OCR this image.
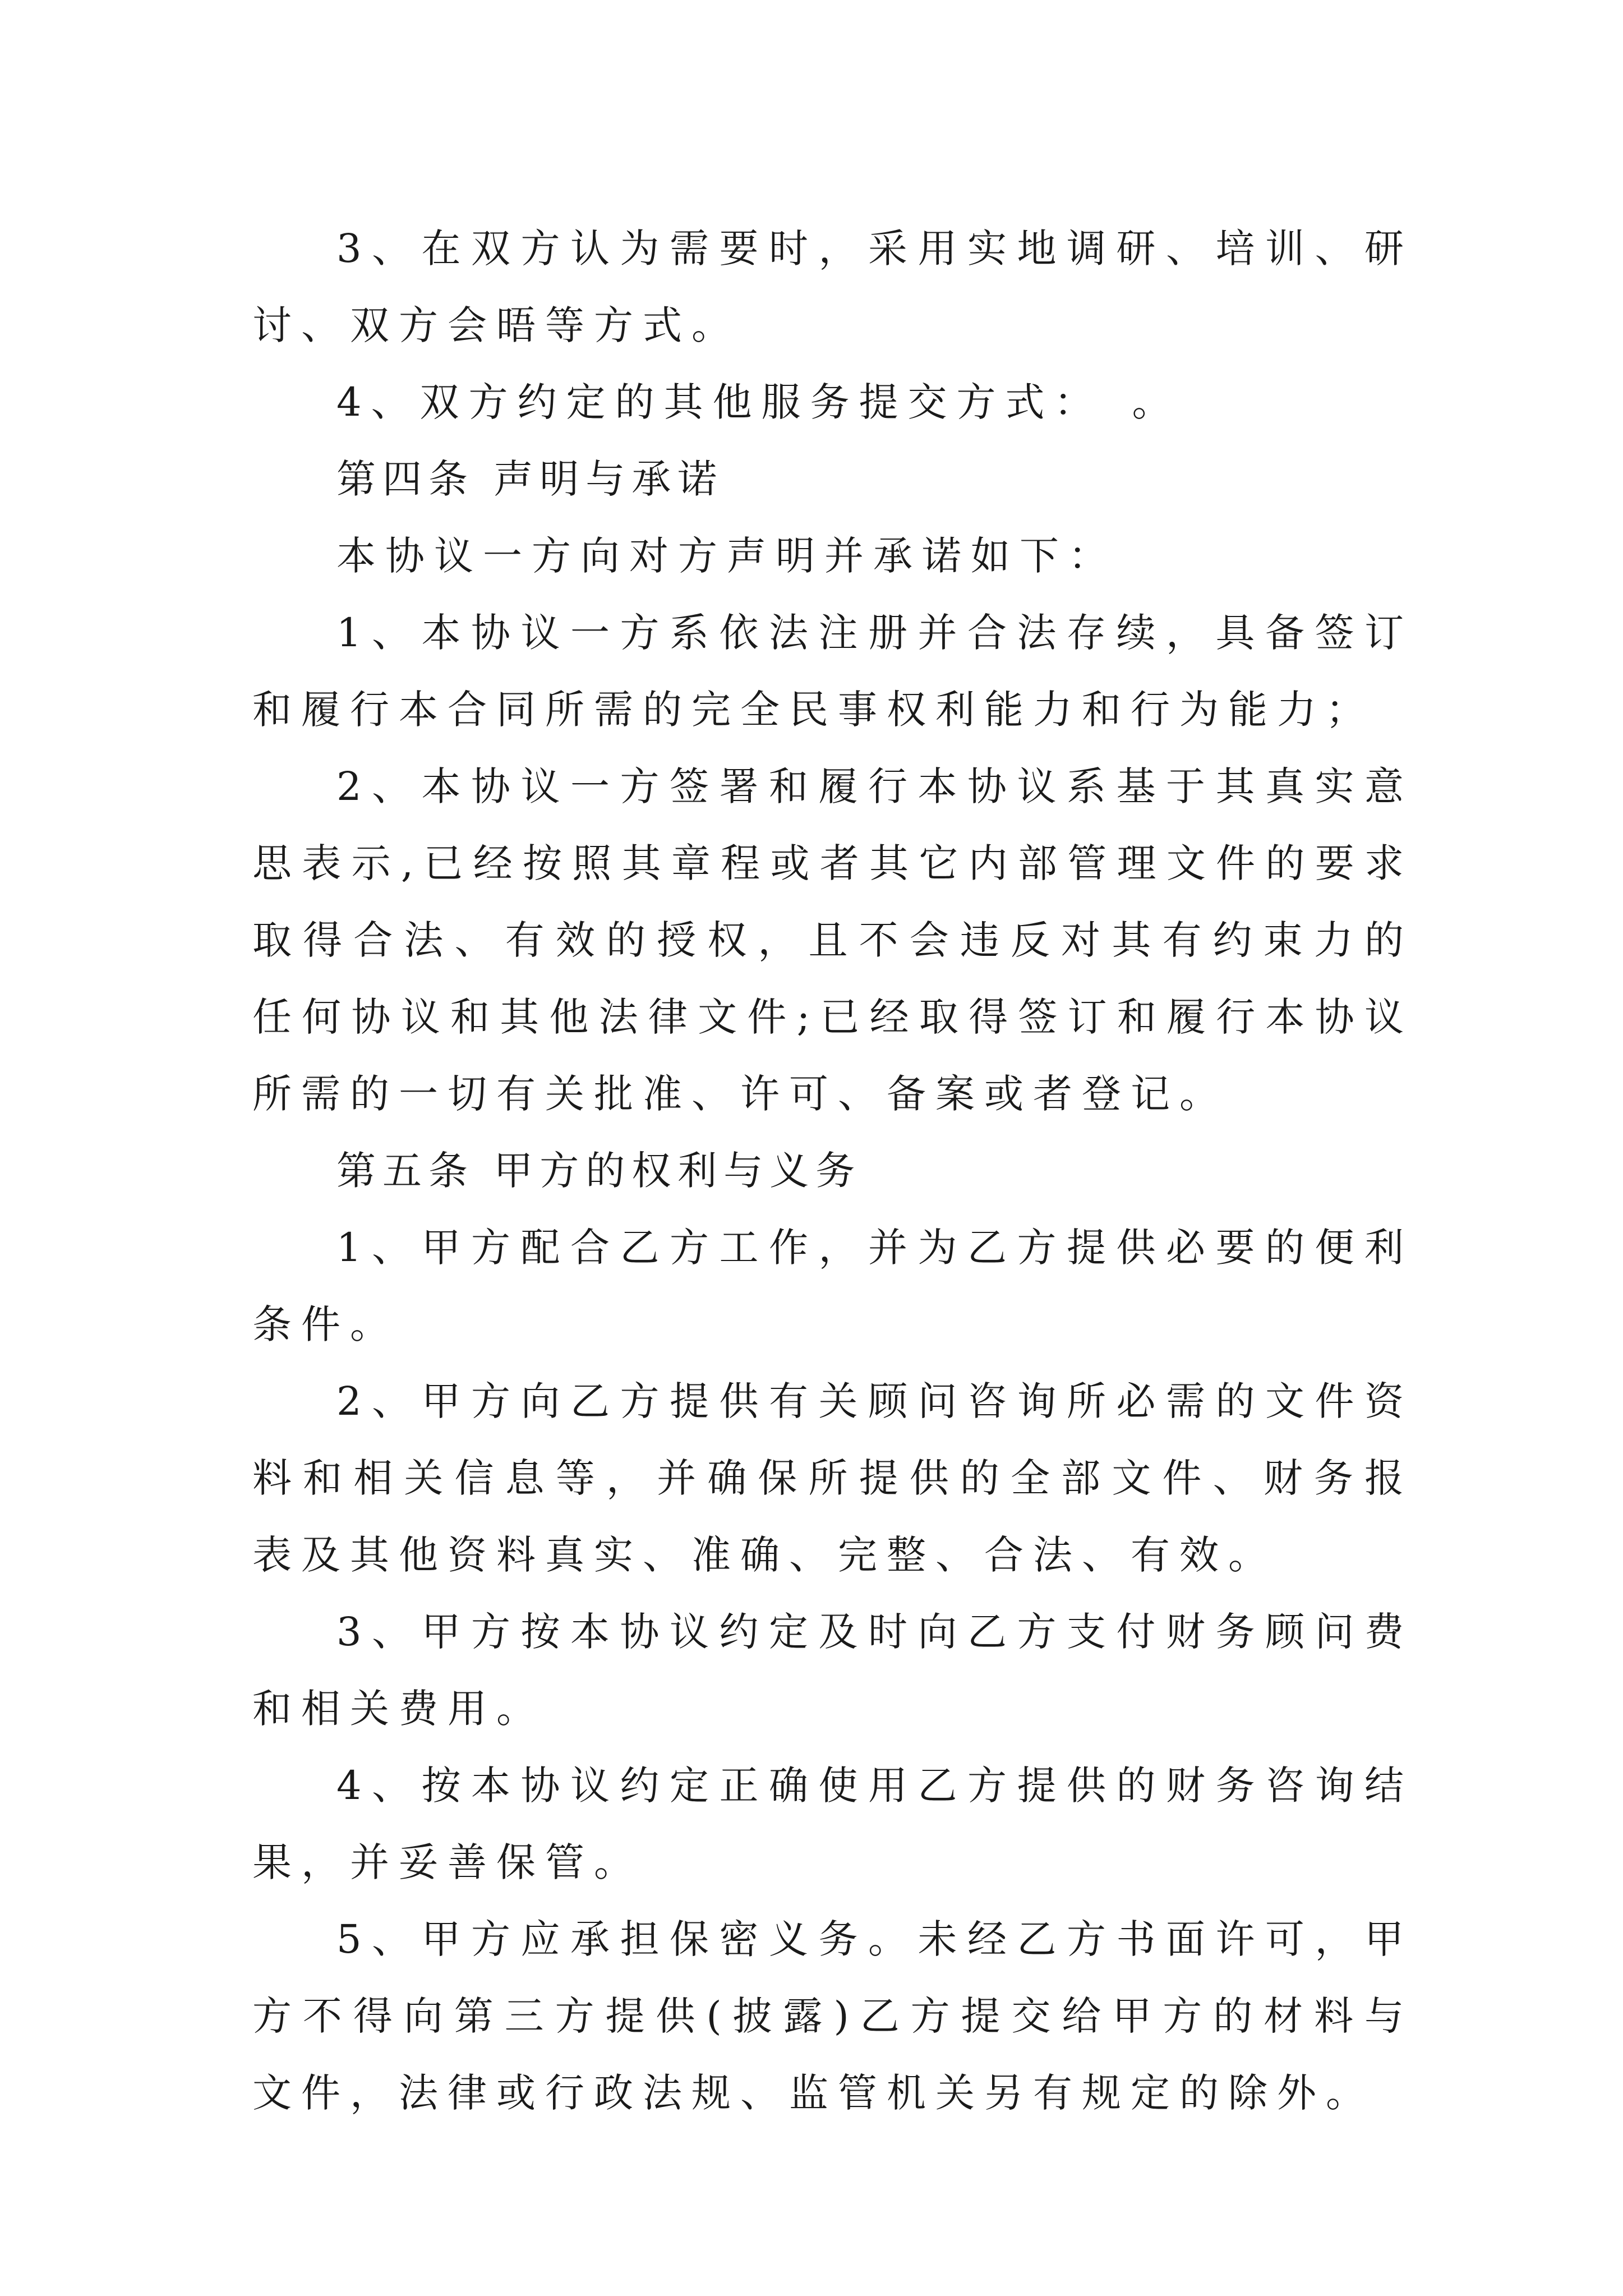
3、在双方认为需要时，采用实地调研、培训、研讨、双方会晤等方式。

4、双方约定的其他服务提交方式：　。

第四条 声明与承诺

本协议一方向对方声明并承诺如下：

1、本协议一方系依法注册并合法存续，具备签订和履行本合同所需的完全民事权利能力和行为能力；

2、本协议一方签署和履行本协议系基于其真实意思表示,已经按照其章程或者其它内部管理文件的要求取得合法、有效的授权，且不会违反对其有约束力的任何协议和其他法律文件;已经取得签订和履行本协议所需的一切有关批准、许可、备案或者登记。

第五条 甲方的权利与义务

1、甲方配合乙方工作，并为乙方提供必要的便利条件。

2、甲方向乙方提供有关顾问咨询所必需的文件资料和相关信息等，并确保所提供的全部文件、财务报表及其他资料真实、准确、完整、合法、有效。

3、甲方按本协议约定及时向乙方支付财务顾问费和相关费用。

4、按本协议约定正确使用乙方提供的财务咨询结果，并妥善保管。

5、甲方应承担保密义务。未经乙方书面许可，甲方不得向第三方提供(披露)乙方提交给甲方的材料与文件，法律或行政法规、监管机关另有规定的除外。
